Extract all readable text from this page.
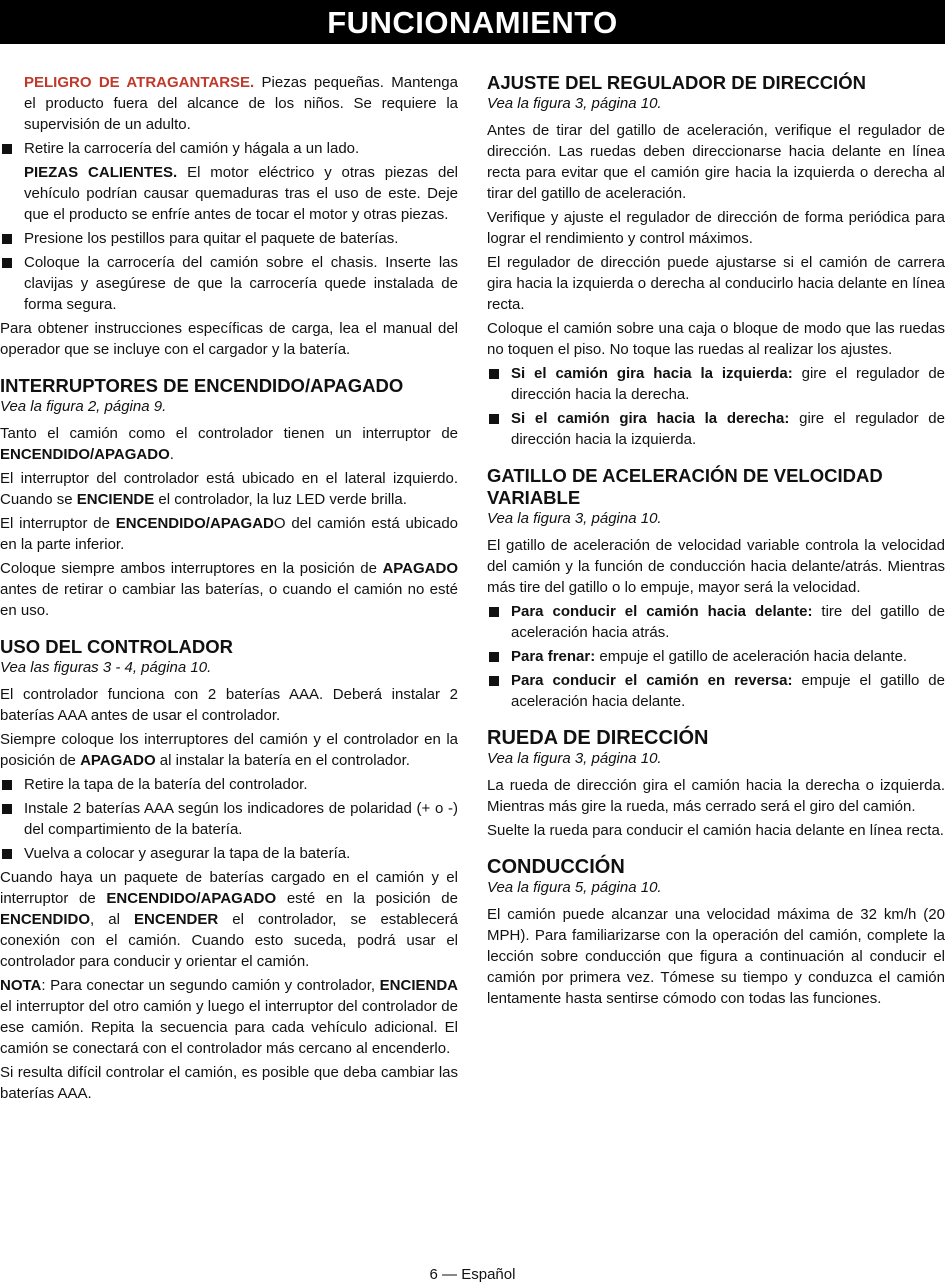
FUNCIONAMIENTO

PELIGRO DE ATRAGANTARSE. Piezas pequeñas. Mantenga el producto fuera del alcance de los niños. Se requiere la supervisión de un adulto.

Retire la carrocería del camión y hágala a un lado.

PIEZAS CALIENTES. El motor eléctrico y otras piezas del vehículo podrían causar quemaduras tras el uso de este. Deje que el producto se enfríe antes de tocar el motor y otras piezas.

Presione los pestillos para quitar el paquete de baterías.
Coloque la carrocería del camión sobre el chasis. Inserte las clavijas y asegúrese de que la carrocería quede instalada de forma segura.

Para obtener instrucciones específicas de carga, lea el manual del operador que se incluye con el cargador y la batería.

INTERRUPTORES DE ENCENDIDO/APAGADO
Vea la figura 2, página 9.

Tanto el camión como el controlador tienen un interruptor de ENCENDIDO/APAGADO.

El interruptor del controlador está ubicado en el lateral izquierdo. Cuando se ENCIENDE el controlador, la luz LED verde brilla.

El interruptor de ENCENDIDO/APAGADO del camión está ubicado en la parte inferior.

Coloque siempre ambos interruptores en la posición de APAGADO antes de retirar o cambiar las baterías, o cuando el camión no esté en uso.

USO DEL CONTROLADOR
Vea las figuras 3 - 4, página 10.

El controlador funciona con 2 baterías AAA. Deberá instalar 2 baterías AAA antes de usar el controlador.

Siempre coloque los interruptores del camión y el controlador en la posición de APAGADO al instalar la batería en el controlador.

Retire la tapa de la batería del controlador.
Instale 2 baterías AAA según los indicadores de polaridad (+ o -) del compartimiento de la batería.
Vuelva a colocar y asegurar la tapa de la batería.

Cuando haya un paquete de baterías cargado en el camión y el interruptor de ENCENDIDO/APAGADO esté en la posición de ENCENDIDO, al ENCENDER el controlador, se establecerá conexión con el camión. Cuando esto suceda, podrá usar el controlador para conducir y orientar el camión.

NOTA: Para conectar un segundo camión y controlador, ENCIENDA el interruptor del otro camión y luego el interruptor del controlador de ese camión. Repita la secuencia para cada vehículo adicional. El camión se conectará con el controlador más cercano al encenderlo.

Si resulta difícil controlar el camión, es posible que deba cambiar las baterías AAA.

AJUSTE DEL REGULADOR DE DIRECCIÓN
Vea la figura 3, página 10.

Antes de tirar del gatillo de aceleración, verifique el regulador de dirección. Las ruedas deben direccionarse hacia delante en línea recta para evitar que el camión gire hacia la izquierda o derecha al tirar del gatillo de aceleración.

Verifique y ajuste el regulador de dirección de forma periódica para lograr el rendimiento y control máximos.

El regulador de dirección puede ajustarse si el camión de carrera gira hacia la izquierda o derecha al conducirlo hacia delante en línea recta.

Coloque el camión sobre una caja o bloque de modo que las ruedas no toquen el piso. No toque las ruedas al realizar los ajustes.

Si el camión gira hacia la izquierda: gire el regulador de dirección hacia la derecha.
Si el camión gira hacia la derecha: gire el regulador de dirección hacia la izquierda.
GATILLO DE ACELERACIÓN DE VELOCIDAD VARIABLE
Vea la figura 3, página 10.

El gatillo de aceleración de velocidad variable controla la velocidad del camión y la función de conducción hacia delante/atrás. Mientras más tire del gatillo o lo empuje, mayor será la velocidad.

Para conducir el camión hacia delante: tire del gatillo de aceleración hacia atrás.
Para frenar: empuje el gatillo de aceleración hacia delante.
Para conducir el camión en reversa: empuje el gatillo de aceleración hacia delante.
RUEDA DE DIRECCIÓN
Vea la figura 3, página 10.

La rueda de dirección gira el camión hacia la derecha o izquierda. Mientras más gire la rueda, más cerrado será el giro del camión.

Suelte la rueda para conducir el camión hacia delante en línea recta.

CONDUCCIÓN
Vea la figura 5, página 10.

El camión puede alcanzar una velocidad máxima de 32 km/h (20 MPH). Para familiarizarse con la operación del camión, complete la lección sobre conducción que figura a continuación al conducir el camión por primera vez. Tómese su tiempo y conduzca el camión lentamente hasta sentirse cómodo con todas las funciones.

6 — Español
